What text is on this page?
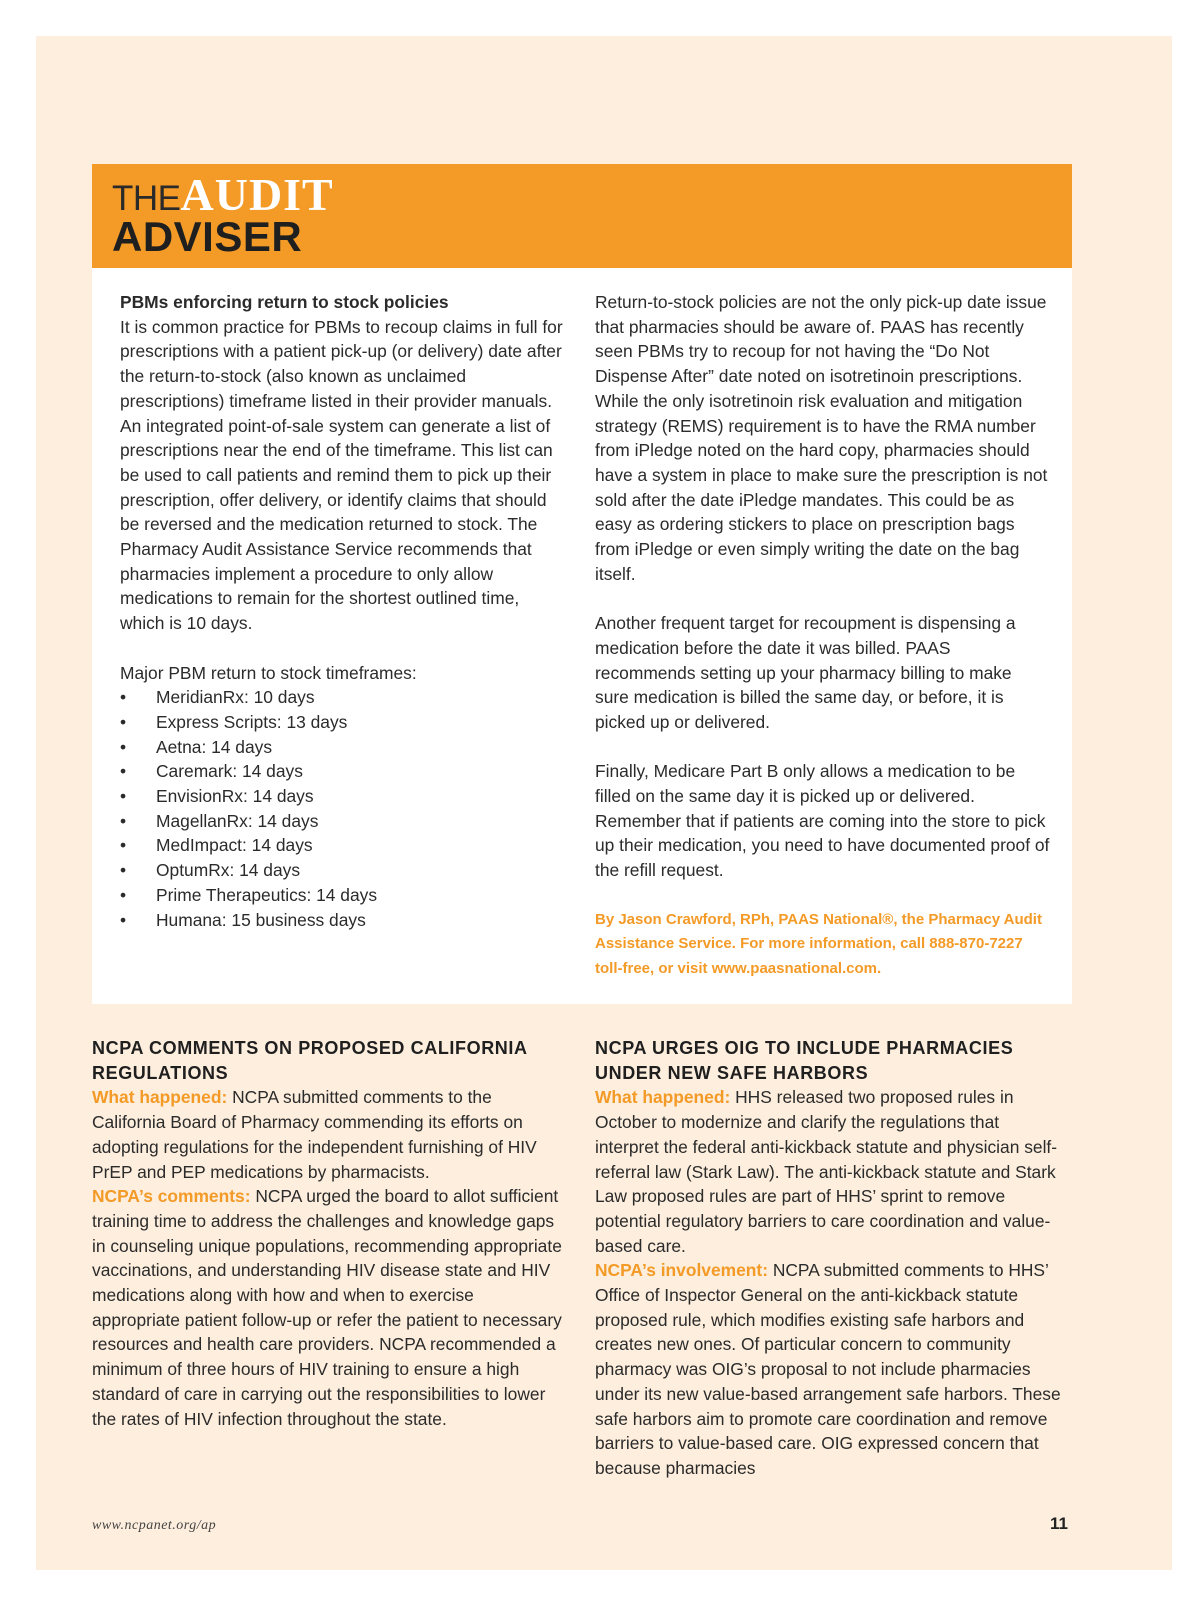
THEAUDIT
ADVISER

PBMs enforcing return to stock policies
It is common practice for PBMs to recoup claims in full for prescriptions with a patient pick-up (or delivery) date after the return-to-stock (also known as unclaimed prescriptions) timeframe listed in their provider manuals. An integrated point-of-sale system can generate a list of prescriptions near the end of the timeframe. This list can be used to call patients and remind them to pick up their prescription, offer delivery, or identify claims that should be reversed and the medication returned to stock. The Pharmacy Audit Assistance Service recommends that pharmacies implement a procedure to only allow medications to remain for the shortest outlined time, which is 10 days.

Major PBM return to stock timeframes:

• MeridianRx: 10 days
• Express Scripts: 13 days
• Aetna: 14 days
• Caremark: 14 days
• EnvisionRx: 14 days
• MagellanRx: 14 days
• MedImpact: 14 days
• OptumRx: 14 days
• Prime Therapeutics: 14 days
• Humana: 15 business days

Return-to-stock policies are not the only pick-up date issue that pharmacies should be aware of. PAAS has recently seen PBMs try to recoup for not having the “Do Not Dispense After” date noted on isotretinoin prescriptions. While the only isotretinoin risk evaluation and mitigation strategy (REMS) requirement is to have the RMA number from iPledge noted on the hard copy, pharmacies should have a system in place to make sure the prescription is not sold after the date iPledge mandates. This could be as easy as ordering stickers to place on prescription bags from iPledge or even simply writing the date on the bag itself.

Another frequent target for recoupment is dispensing a medication before the date it was billed. PAAS recommends setting up your pharmacy billing to make sure medication is billed the same day, or before, it is picked up or delivered.

Finally, Medicare Part B only allows a medication to be filled on the same day it is picked up or delivered. Remember that if patients are coming into the store to pick up their medication, you need to have documented proof of the refill request.

By Jason Crawford, RPh, PAAS National®, the Pharmacy Audit Assistance Service. For more information, call 888-870-7227 toll-free, or visit www.paasnational.com.

NCPA COMMENTS ON PROPOSED CALIFORNIA REGULATIONS
What happened: NCPA submitted comments to the California Board of Pharmacy commending its efforts on adopting regulations for the independent furnishing of HIV PrEP and PEP medications by pharmacists.
NCPA’s comments: NCPA urged the board to allot sufficient training time to address the challenges and knowledge gaps in counseling unique populations, recommending appropriate vaccinations, and understanding HIV disease state and HIV medications along with how and when to exercise appropriate patient follow-up or refer the patient to necessary resources and health care providers. NCPA recommended a minimum of three hours of HIV training to ensure a high standard of care in carrying out the responsibilities to lower the rates of HIV infection throughout the state.
NCPA URGES OIG TO INCLUDE PHARMACIES UNDER NEW SAFE HARBORS
What happened: HHS released two proposed rules in October to modernize and clarify the regulations that interpret the federal anti-kickback statute and physician self-referral law (Stark Law). The anti-kickback statute and Stark Law proposed rules are part of HHS’ sprint to remove potential regulatory barriers to care coordination and value-based care.
NCPA’s involvement: NCPA submitted comments to HHS’ Office of Inspector General on the anti-kickback statute proposed rule, which modifies existing safe harbors and creates new ones. Of particular concern to community pharmacy was OIG’s proposal to not include pharmacies under its new value-based arrangement safe harbors. These safe harbors aim to promote care coordination and remove barriers to value-based care. OIG expressed concern that because pharmacies
www.ncpanet.org/ap	11
